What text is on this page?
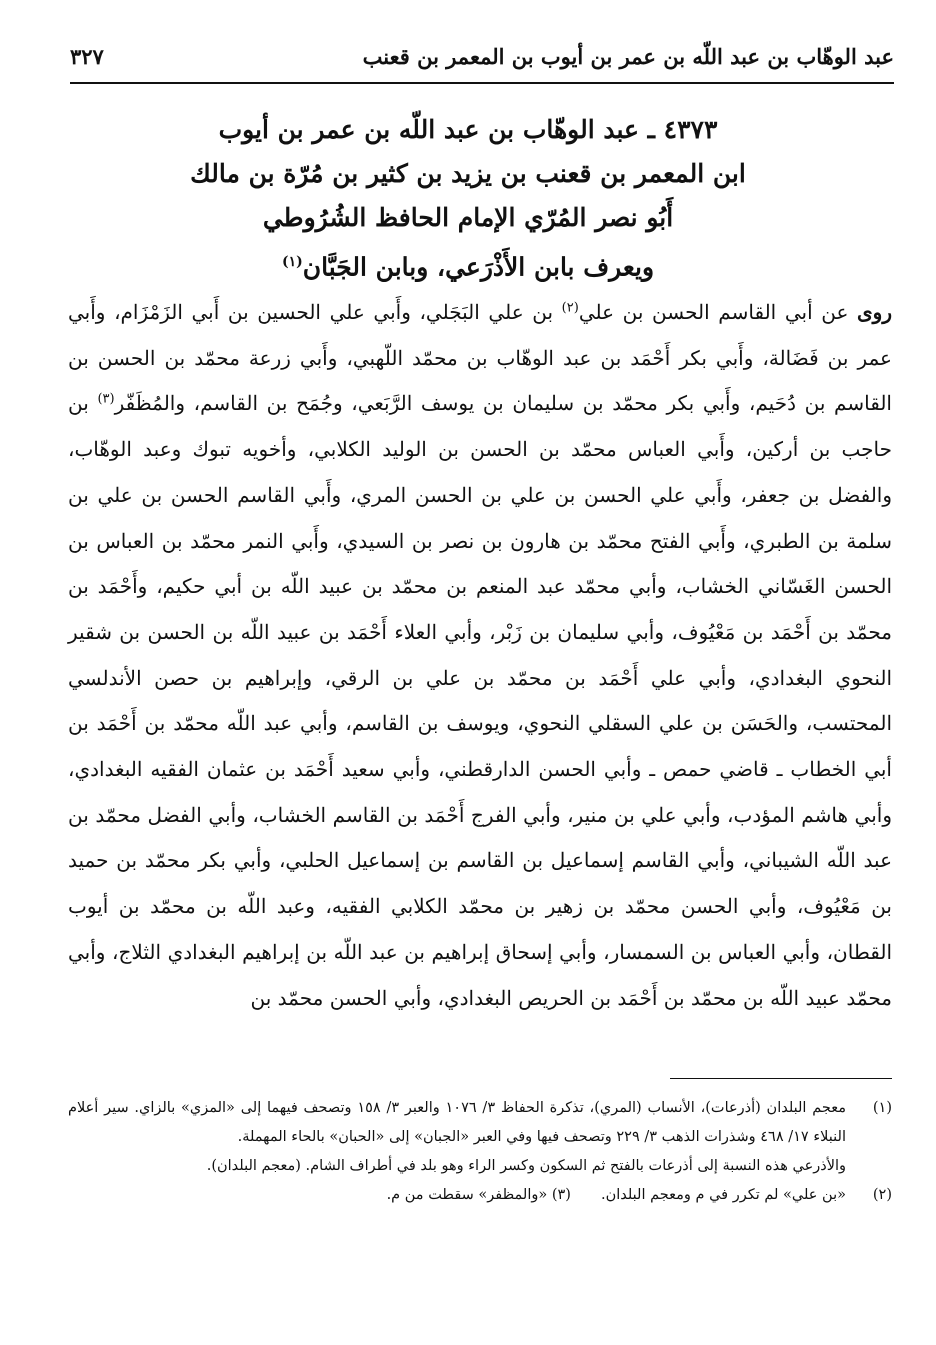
عبد الوهّاب بن عبد اللّه بن عمر بن أيوب بن المعمر بن قعنب
٣٢٧
٤٣٧٣ ـ عبد الوهّاب بن عبد اللّه بن عمر بن أيوب
ابن المعمر بن قعنب بن يزيد بن كثير بن مُرّة بن مالك
أَبُو نصر المُرّي الإمام الحافظ الشُرُوطي
ويعرف بابن الأَذْرَعي، وبابن الجَبَّان$^{(١)}$
روى عن أبي القاسم الحسن بن علي$^{(٢)}$ بن علي البَجَلي، وأَبي علي الحسين بن أَبي الزَمْزَام، وأَبي عمر بن فَضَالة، وأَبي بكر أَحْمَد بن عبد الوهّاب بن محمّد اللّهبي، وأَبي زرعة محمّد بن الحسن بن القاسم بن دُحَيم، وأَبي بكر محمّد بن سليمان بن يوسف الرَّبَعي، وجُمَح بن القاسم، والمُظَفّر$^{(٣)}$ بن حاجب بن أركين، وأَبي العباس محمّد بن الحسن بن الوليد الكلابي، وأخويه تبوك وعبد الوهّاب، والفضل بن جعفر، وأَبي علي الحسن بن علي بن الحسن المري، وأَبي القاسم الحسن بن علي بن سلمة بن الطبري، وأَبي الفتح محمّد بن هارون بن نصر بن السيدي، وأَبي النمر محمّد بن العباس بن الحسن الغَسّاني الخشاب، وأبي محمّد عبد المنعم بن محمّد بن عبيد اللّه بن أبي حكيم، وأَحْمَد بن محمّد بن أَحْمَد بن مَعْيُوف، وأبي سليمان بن زَبْر، وأبي العلاء أَحْمَد بن عبيد اللّه بن الحسن بن شقير النحوي البغدادي، وأبي علي أَحْمَد بن محمّد بن علي بن الرقي، وإبراهيم بن حصن الأندلسي المحتسب، والحَسَن بن علي السقلي النحوي، ويوسف بن القاسم، وأبي عبد اللّه محمّد بن أَحْمَد بن أبي الخطاب ـ قاضي حمص ـ وأبي الحسن الدارقطني، وأبي سعيد أَحْمَد بن عثمان الفقيه البغدادي، وأبي هاشم المؤدب، وأبي علي بن منير، وأبي الفرج أَحْمَد بن القاسم الخشاب، وأبي الفضل محمّد بن عبد اللّه الشيباني، وأبي القاسم إسماعيل بن القاسم بن إسماعيل الحلبي، وأبي بكر محمّد بن حميد بن مَعْيُوف، وأبي الحسن محمّد بن زهير بن محمّد الكلابي الفقيه، وعبد اللّه بن محمّد بن أيوب القطان، وأبي العباس بن السمسار، وأبي إسحاق إبراهيم بن عبد اللّه بن إبراهيم البغدادي الثلاج، وأبي محمّد عبيد اللّه بن محمّد بن أَحْمَد بن الحريص البغدادي، وأبي الحسن محمّد بن
(١)
معجم البلدان (أذرعات)، الأنساب (المري)، تذكرة الحفاظ ٣/ ١٠٧٦ والعبر ٣/ ١٥٨ وتصحف فيهما إلى «المزي» بالزاي. سير أعلام النبلاء ١٧/ ٤٦٨ وشذرات الذهب ٣/ ٢٢٩ وتصحف فيها وفي العبر «الجبان» إلى «الحبان» بالحاء المهملة.
والأذرعي هذه النسبة إلى أذرعات بالفتح ثم السكون وكسر الراء وهو بلد في أطراف الشام. (معجم البلدان).
(٢)
«بن علي» لم تكرر في م ومعجم البلدان.(٣) «والمظفر» سقطت من م.
